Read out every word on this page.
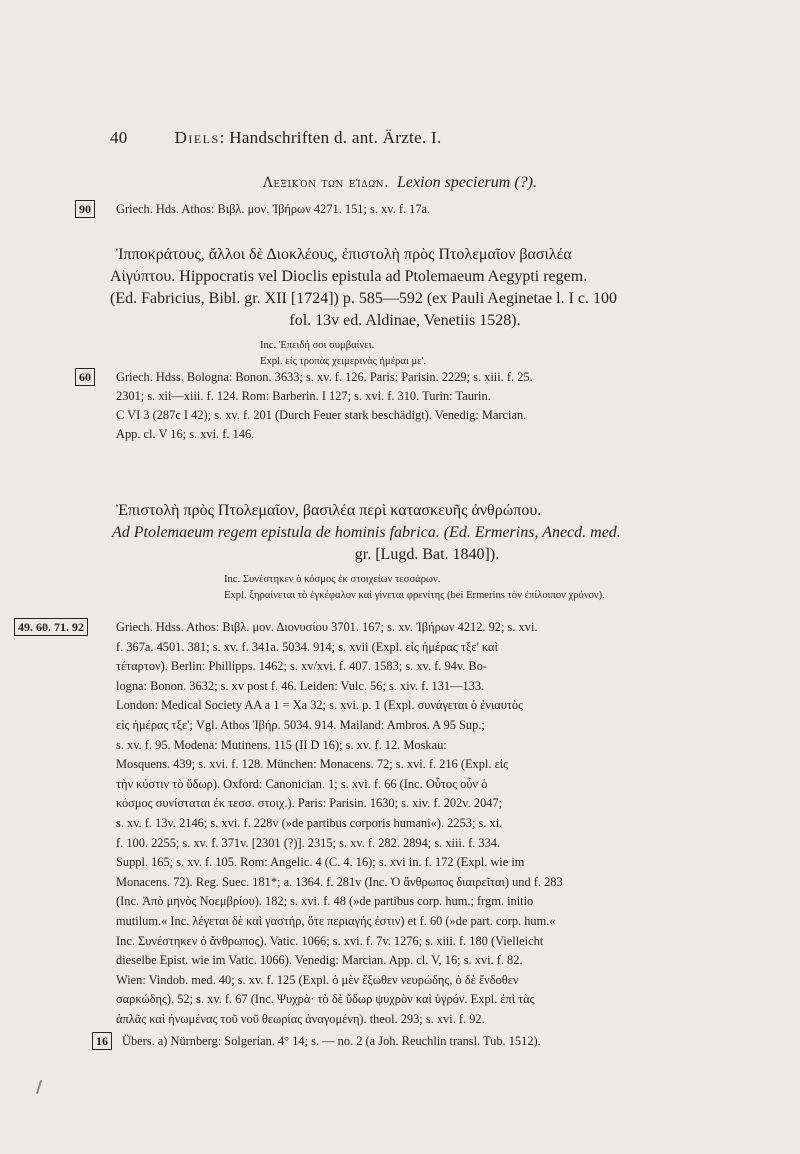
40	Diels: Handschriften d. ant. Ärzte. I.
Λεξικὸν τῶν εἰδῶν. Lexion specierum (?).
90	Griech. Hds. Athos: Βιβλ. μον. Ἰβήρων 4271. 151; s. xv. f. 17a.
Ἱπποκράτους, ἄλλοι δὲ Διοκλέους, ἐπιστολὴ πρὸς Πτολεμαῖον βασιλέα
Αἰγύπτου. Hippocratis vel Dioclis epistula ad Ptolemaeum Aegypti regem.
(Ed. Fabricius, Bibl. gr. XII [1724]) p. 585—592 (ex Pauli Aeginetae l. I c. 100
fol. 13v ed. Aldinae, Venetiis 1528).
Inc. Ἐπειδή σοι συμβαίνει.
Expl. εἰς τροπὰς χειμερινὰς ἡμέραι με'.
60	Griech. Hdss. Bologna: Bonon. 3633; s. xv. f. 126. Paris: Parisin. 2229; s. xiii. f. 25.
2301; s. xii—xiii. f. 124. Rom: Barberin. I 127; s. xvi. f. 310. Turin: Taurin.
C VI 3 (287c I 42); s. xv. f. 201 (Durch Feuer stark beschädigt). Venedig: Marcian.
App. cl. V 16; s. xvi. f. 146.
Ἐπιστολὴ πρὸς Πτολεμαῖον, βασιλέα περὶ κατασκευῆς ἀνθρώπου.
Ad Ptolemaeum regem epistula de hominis fabrica. (Ed. Ermerins, Anecd. med.
gr. [Lugd. Bat. 1840]).
Inc. Συνέστηκεν ὁ κόσμος ἐκ στοιχείων τεσσάρων.
Expl. ξηραίνεται τὸ ἐγκέφαλον καὶ γίνεται φρενίτης (bei Ermerins τὸν ἐπίλοιπον χρόνον).
49. 60. 71. 92	Griech. Hdss. Athos: Βιβλ. μον. Διονυσίου 3701. 167; s. xv. Ἰβήρων 4212. 92; s. xvi.
f. 367a. 4501. 381; s. xv. f. 341a. 5034. 914; s. xvii (Expl. εἰς ἡμέρας τξε' καὶ
τέταρτον). Berlin: Phillipps. 1462; s. xv/xvi. f. 407. 1583; s. xv. f. 94v. Bo-
logna: Bonon. 3632; s. xv post f. 46. Leiden: Vulc. 56; s. xiv. f. 131—133.
London: Medical Society AA a 1 = Xa 32; s. xvi. p. 1 (Expl. συνάγεται ὁ ἐνιαυτὸς
εἰς ἡμέρας τξε'; Vgl. Athos Ἰβήρ. 5034. 914. Mailand: Ambros. A 95 Sup.;
s. xv. f. 95. Modena: Mutinens. 115 (II D 16); s. xv. f. 12. Moskau:
Mosquens. 439; s. xvi. f. 128. München: Monacens. 72; s. xvi. f. 216 (Expl. εἰς
τὴν κύστιν τὸ ὕδωρ). Oxford: Canonician. 1; s. xvi. f. 66 (Inc. Οὗτος οὖν ὁ
κόσμος συνίσταται ἐκ τεσσ. στοιχ.). Paris: Parisin. 1630; s. xiv. f. 202v. 2047;
s. xv. f. 13v. 2146; s. xvi. f. 228v (»de partibus corporis humani«). 2253; s. xi.
f. 100. 2255; s. xv. f. 371v. [2301 (?)]. 2315; s. xv. f. 282. 2894; s. xiii. f. 334.
Suppl. 165; s. xv. f. 105. Rom: Angelic. 4 (C. 4. 16); s. xvi in. f. 172 (Expl. wie im
Monacens. 72). Reg. Suec. 181*; a. 1364. f. 281v (Inc. Ὁ ἄνθρωπος διαιρεῖται) und f. 283
(Inc. Ἀπὸ μηνὸς Νοεμβρίου). 182; s. xvi. f. 48 (»de partibus corp. hum.; frgm. initio
mutilum.« Inc. λέγεται δὲ καὶ γαστήρ, ὅτε περιαγής ἐστιν) et f. 60 (»de part. corp. hum.«
Inc. Συνέστηκεν ὁ ἄνθρωπος). Vatic. 1066; s. xvi. f. 7v. 1276; s. xiii. f. 180 (Vielleicht
dieselbe Epist. wie im Vatic. 1066). Venedig: Marcian. App. cl. V, 16; s. xvi. f. 82.
Wien: Vindob. med. 40; s. xv. f. 125 (Expl. ὁ μὲν ἔξωθεν νευρώδης, ὁ δὲ ἔνδοθεν
σαρκώδης). 52; s. xv. f. 67 (Inc. Ψυχρὰ· τὸ δὲ ὕδωρ ψυχρὸν καὶ ὑγρόν. Expl. ἐπὶ τὰς
ἁπλᾶς καὶ ἡνωμένας τοῦ νοῦ θεωρίας ἀναγομένη). theol. 293; s. xvi. f. 92.
16	Übers. a) Nürnberg: Solgerian. 4° 14; s. — no. 2 (a Joh. Reuchlin transl. Tub. 1512).
